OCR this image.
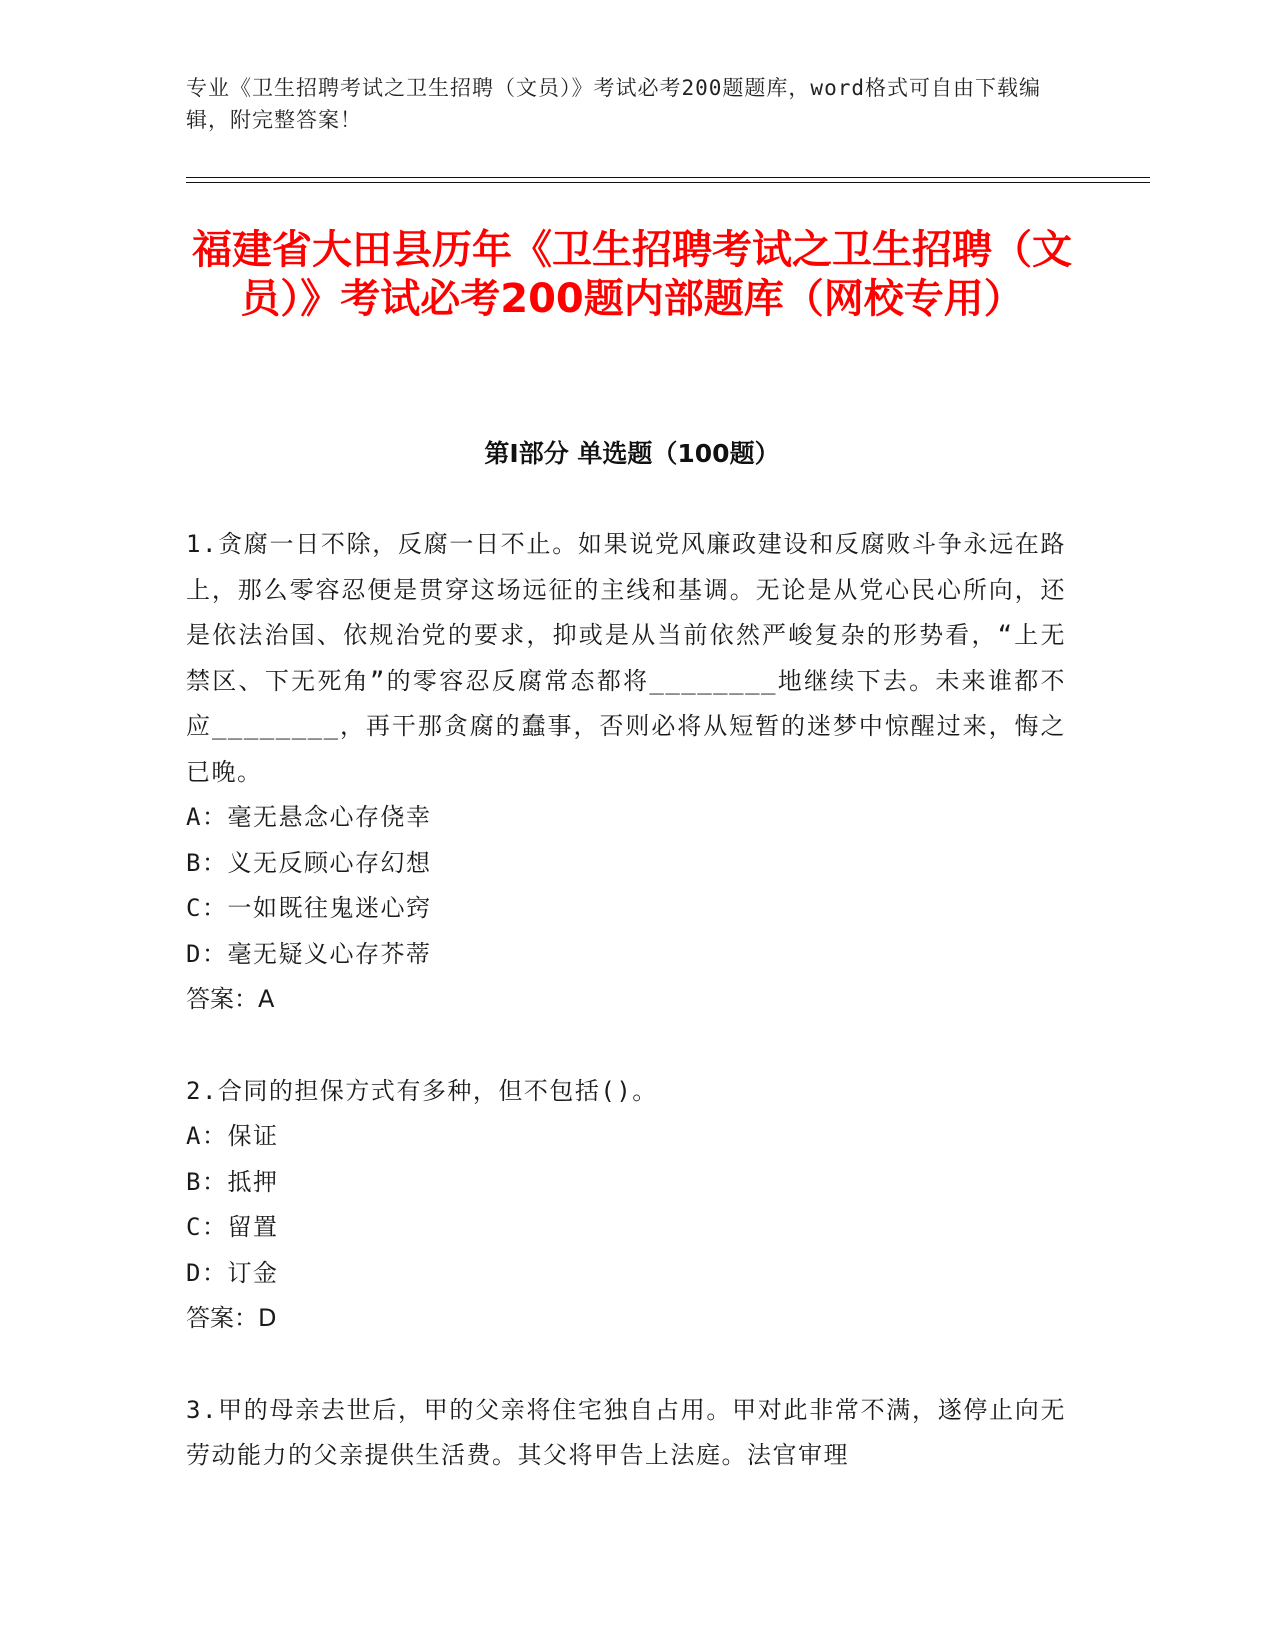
专业《卫生招聘考试之卫生招聘（文员）》考试必考200题题库，word格式可自由下载编辑，附完整答案！
福建省大田县历年《卫生招聘考试之卫生招聘（文员）》考试必考200题内部题库（网校专用）
第Ⅰ部分 单选题（100题）

1.贪腐一日不除，反腐一日不止。如果说党风廉政建设和反腐败斗争永远在路上，那么零容忍便是贯穿这场远征的主线和基调。无论是从党心民心所向，还是依法治国、依规治党的要求，抑或是从当前依然严峻复杂的形势看，“上无禁区、下无死角”的零容忍反腐常态都将________地继续下去。未来谁都不应________，再干那贪腐的蠢事，否则必将从短暂的迷梦中惊醒过来，悔之已晚。

A：毫无悬念心存侥幸

B：义无反顾心存幻想

C：一如既往鬼迷心窍

D：毫无疑义心存芥蒂

答案：A

2.合同的担保方式有多种，但不包括()。

A：保证

B：抵押

C：留置

D：订金

答案：D

3.甲的母亲去世后，甲的父亲将住宅独自占用。甲对此非常不满，遂停止向无劳动能力的父亲提供生活费。其父将甲告上法庭。法官审理
